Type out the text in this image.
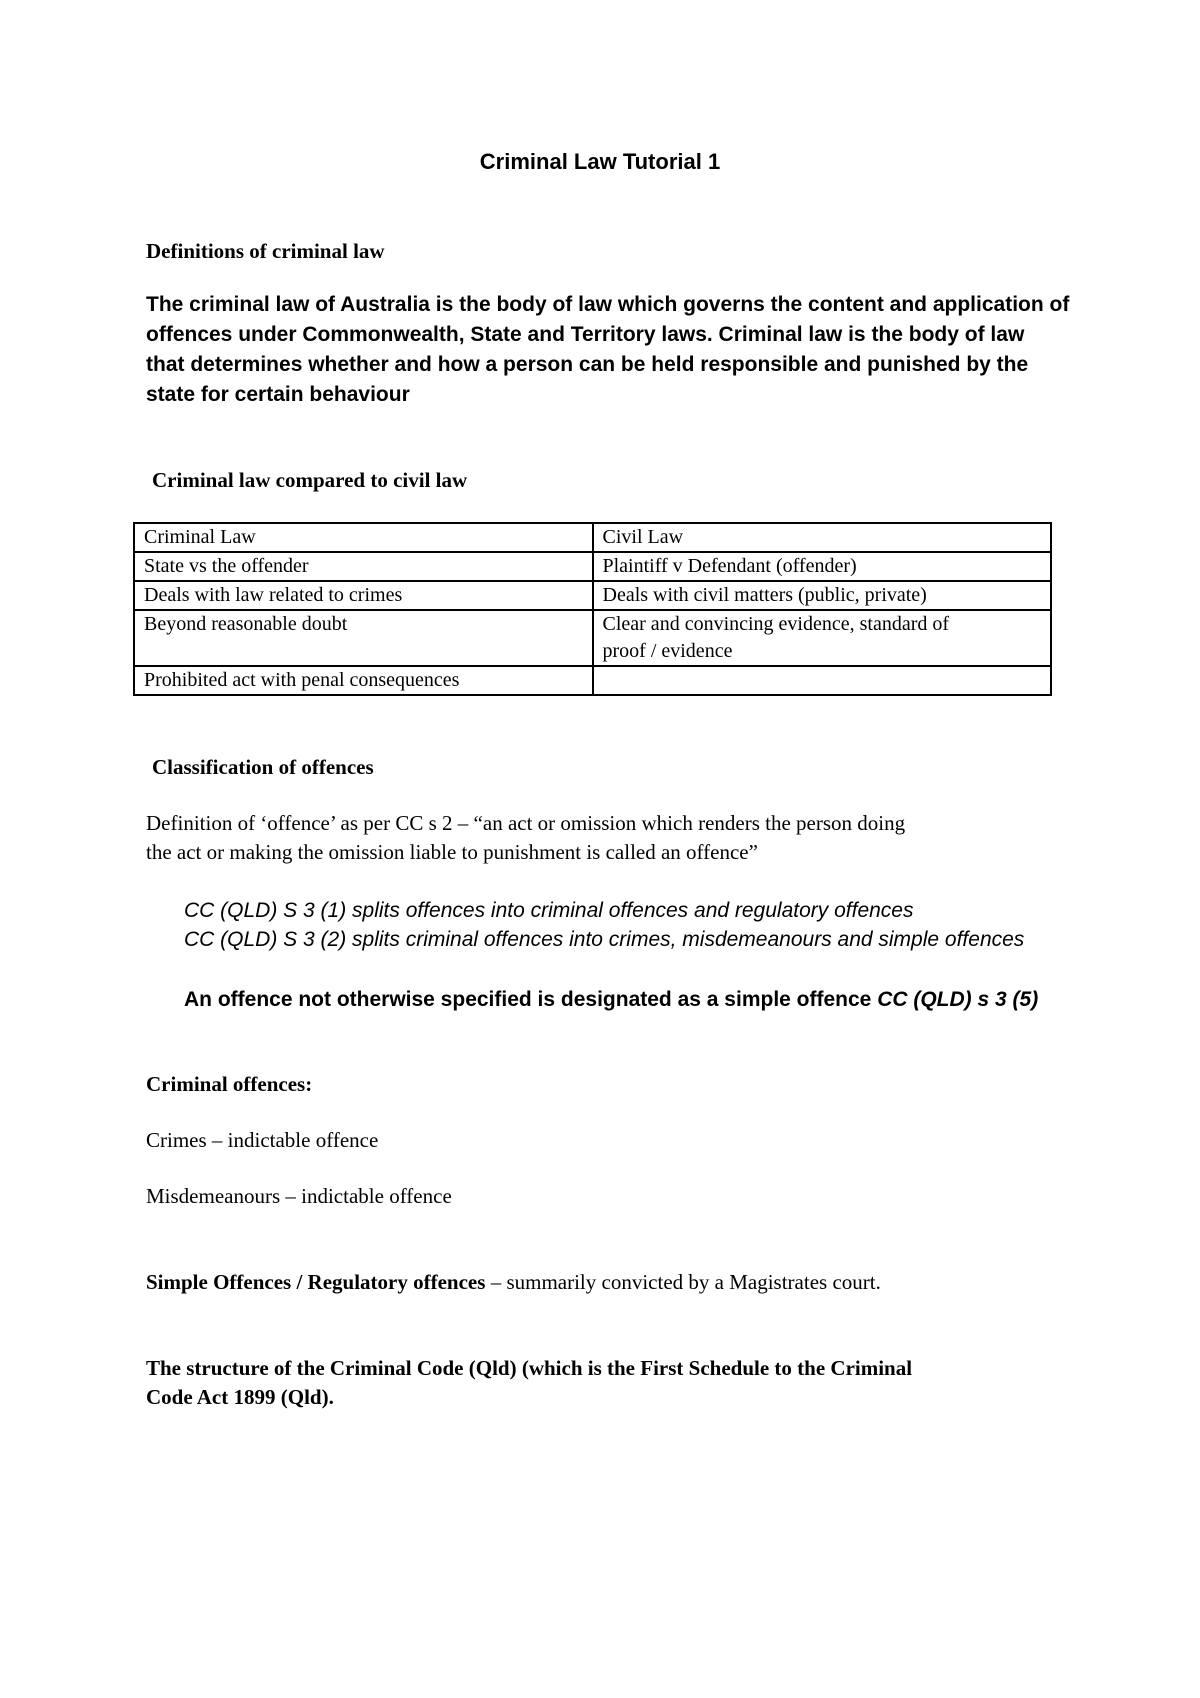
Criminal Law Tutorial 1
Definitions of criminal law
The criminal law of Australia is the body of law which governs the content and application of
offences under Commonwealth, State and Territory laws. Criminal law is the body of law
that determines whether and how a person can be held responsible and punished by the
state for certain behaviour
Criminal law compared to civil law
Criminal Law	Civil Law
State vs the offender	Plaintiff v Defendant (offender)
Deals with law related to crimes	Deals with civil matters (public, private)
Beyond reasonable doubt	Clear and convincing evidence, standard of
proof / evidence
Prohibited act with penal consequences	
Classification of offences
Definition of ‘offence’ as per CC s 2 – “an act or omission which renders the person doing
the act or making the omission liable to punishment is called an offence”
CC (QLD) S 3 (1) splits offences into criminal offences and regulatory offences
CC (QLD) S 3 (2) splits criminal offences into crimes, misdemeanours and simple offences
An offence not otherwise specified is designated as a simple offence CC (QLD) s 3 (5)
Criminal offences:
Crimes – indictable offence
Misdemeanours – indictable offence
Simple Offences / Regulatory offences – summarily convicted by a Magistrates court.
The structure of the Criminal Code (Qld) (which is the First Schedule to the Criminal
Code Act 1899 (Qld).
